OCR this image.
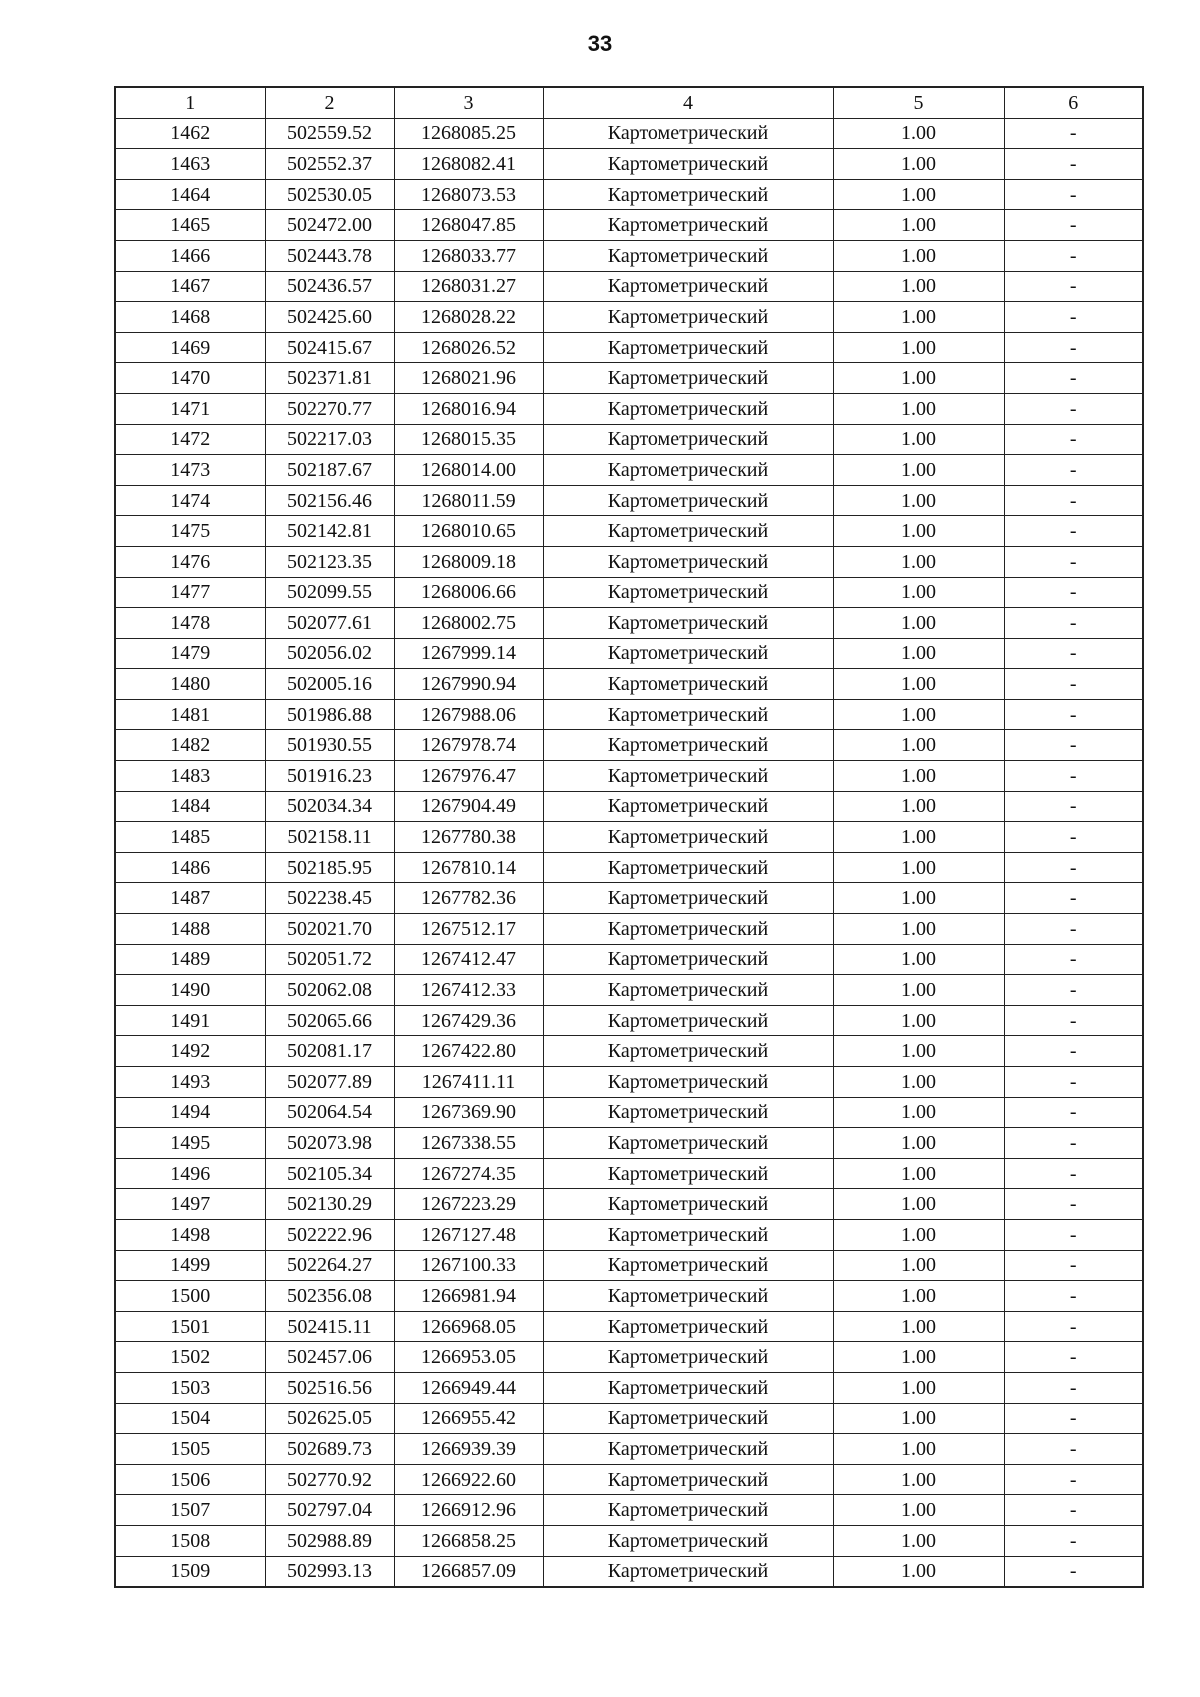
33
1	2	3	4	5	6
1462	502559.52	1268085.25	Картометрический	1.00	-
1463	502552.37	1268082.41	Картометрический	1.00	-
1464	502530.05	1268073.53	Картометрический	1.00	-
1465	502472.00	1268047.85	Картометрический	1.00	-
1466	502443.78	1268033.77	Картометрический	1.00	-
1467	502436.57	1268031.27	Картометрический	1.00	-
1468	502425.60	1268028.22	Картометрический	1.00	-
1469	502415.67	1268026.52	Картометрический	1.00	-
1470	502371.81	1268021.96	Картометрический	1.00	-
1471	502270.77	1268016.94	Картометрический	1.00	-
1472	502217.03	1268015.35	Картометрический	1.00	-
1473	502187.67	1268014.00	Картометрический	1.00	-
1474	502156.46	1268011.59	Картометрический	1.00	-
1475	502142.81	1268010.65	Картометрический	1.00	-
1476	502123.35	1268009.18	Картометрический	1.00	-
1477	502099.55	1268006.66	Картометрический	1.00	-
1478	502077.61	1268002.75	Картометрический	1.00	-
1479	502056.02	1267999.14	Картометрический	1.00	-
1480	502005.16	1267990.94	Картометрический	1.00	-
1481	501986.88	1267988.06	Картометрический	1.00	-
1482	501930.55	1267978.74	Картометрический	1.00	-
1483	501916.23	1267976.47	Картометрический	1.00	-
1484	502034.34	1267904.49	Картометрический	1.00	-
1485	502158.11	1267780.38	Картометрический	1.00	-
1486	502185.95	1267810.14	Картометрический	1.00	-
1487	502238.45	1267782.36	Картометрический	1.00	-
1488	502021.70	1267512.17	Картометрический	1.00	-
1489	502051.72	1267412.47	Картометрический	1.00	-
1490	502062.08	1267412.33	Картометрический	1.00	-
1491	502065.66	1267429.36	Картометрический	1.00	-
1492	502081.17	1267422.80	Картометрический	1.00	-
1493	502077.89	1267411.11	Картометрический	1.00	-
1494	502064.54	1267369.90	Картометрический	1.00	-
1495	502073.98	1267338.55	Картометрический	1.00	-
1496	502105.34	1267274.35	Картометрический	1.00	-
1497	502130.29	1267223.29	Картометрический	1.00	-
1498	502222.96	1267127.48	Картометрический	1.00	-
1499	502264.27	1267100.33	Картометрический	1.00	-
1500	502356.08	1266981.94	Картометрический	1.00	-
1501	502415.11	1266968.05	Картометрический	1.00	-
1502	502457.06	1266953.05	Картометрический	1.00	-
1503	502516.56	1266949.44	Картометрический	1.00	-
1504	502625.05	1266955.42	Картометрический	1.00	-
1505	502689.73	1266939.39	Картометрический	1.00	-
1506	502770.92	1266922.60	Картометрический	1.00	-
1507	502797.04	1266912.96	Картометрический	1.00	-
1508	502988.89	1266858.25	Картометрический	1.00	-
1509	502993.13	1266857.09	Картометрический	1.00	-
